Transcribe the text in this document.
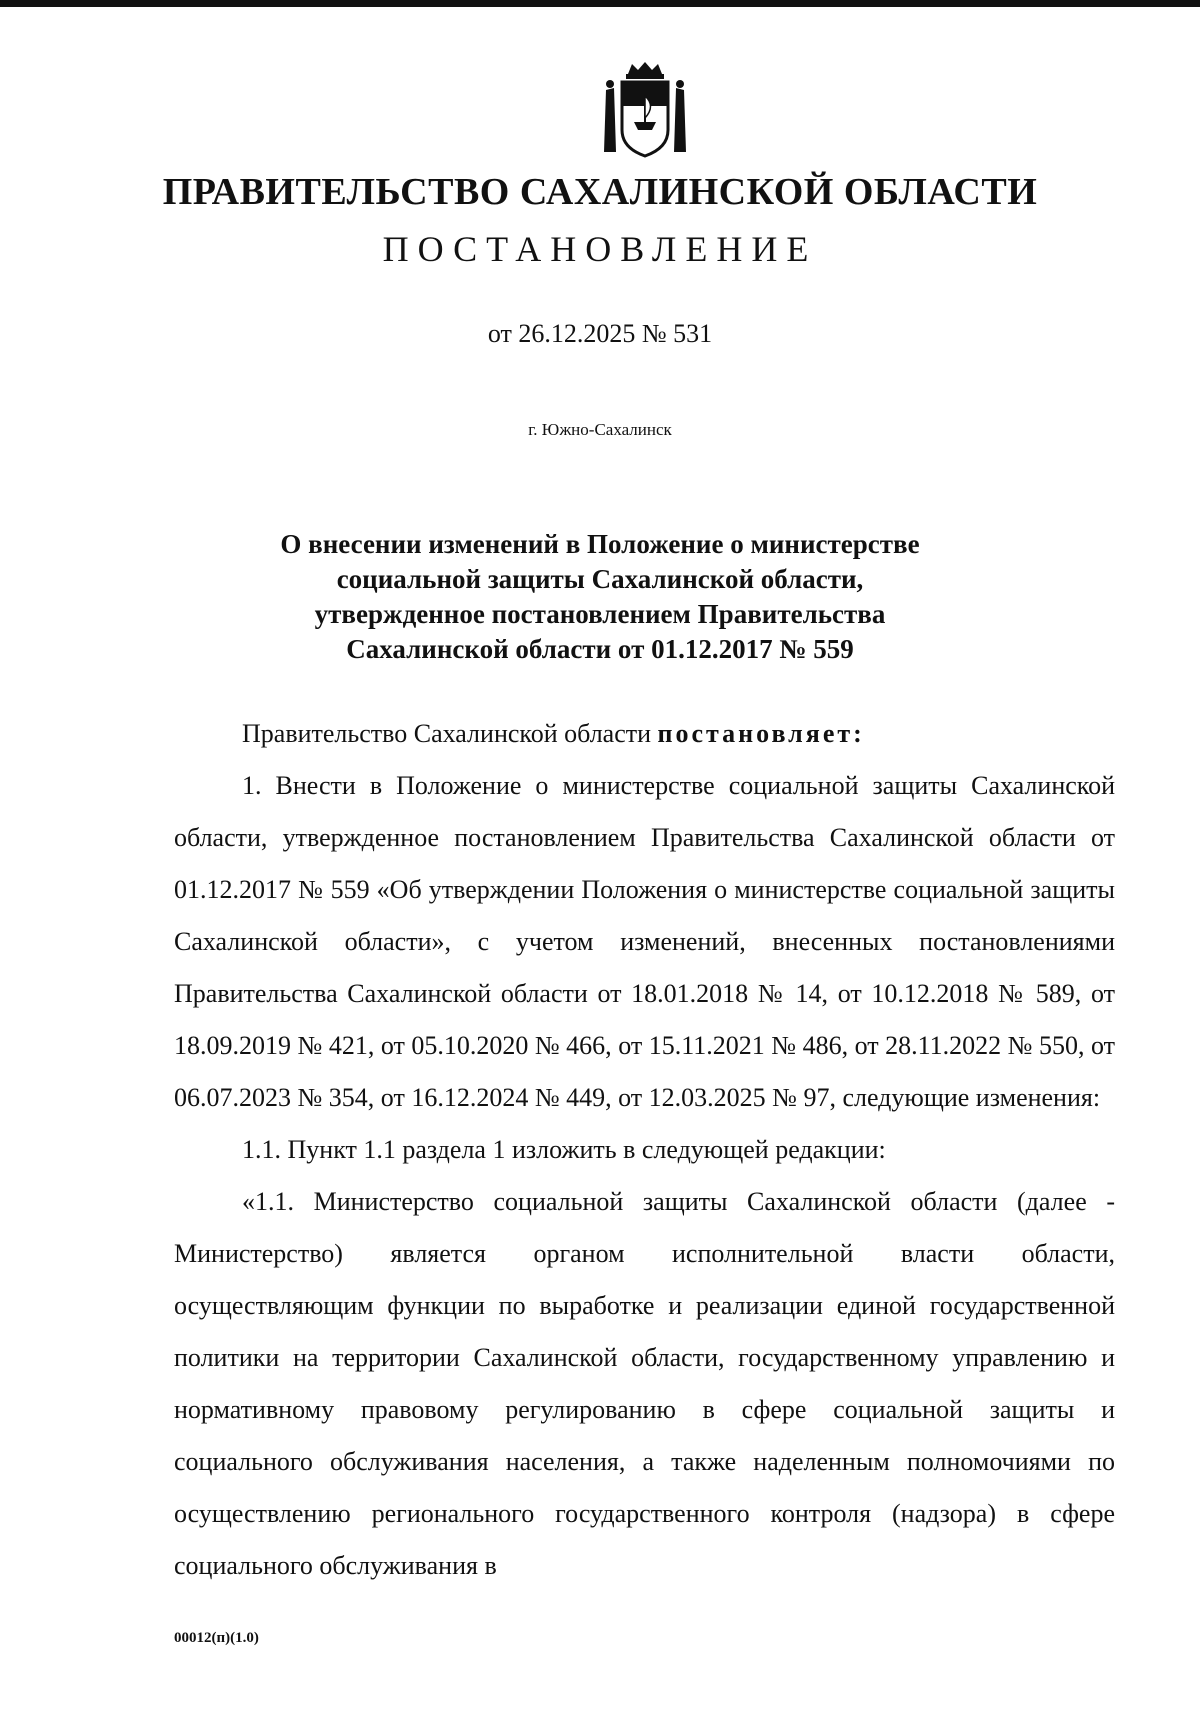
ПРАВИТЕЛЬСТВО САХАЛИНСКОЙ ОБЛАСТИ
ПОСТАНОВЛЕНИЕ
от 26.12.2025 № 531
г. Южно-Сахалинск
О внесении изменений в Положение о министерстве
социальной защиты Сахалинской области,
утвержденное постановлением Правительства
Сахалинской области от 01.12.2017 № 559

Правительство Сахалинской области постановляет:

1. Внести в Положение о министерстве социальной защиты Сахалинской области, утвержденное постановлением Правительства Сахалинской области от 01.12.2017 № 559 «Об утверждении Положения о министерстве социальной защиты Сахалинской области», с учетом изменений, внесенных постановлениями Правительства Сахалинской области от 18.01.2018 № 14, от 10.12.2018 № 589, от 18.09.2019 № 421, от 05.10.2020 № 466, от 15.11.2021 № 486, от 28.11.2022 № 550, от 06.07.2023 № 354, от 16.12.2024 № 449, от 12.03.2025 № 97, следующие изменения:

1.1. Пункт 1.1 раздела 1 изложить в следующей редакции:

«1.1. Министерство социальной защиты Сахалинской области (далее - Министерство) является органом исполнительной власти области, осуществляющим функции по выработке и реализации единой государственной политики на территории Сахалинской области, государственному управлению и нормативному правовому регулированию в сфере социальной защиты и социального обслуживания населения, а также наделенным полномочиями по осуществлению регионального государственного контроля (надзора) в сфере социального обслуживания в

00012(п)(1.0)
